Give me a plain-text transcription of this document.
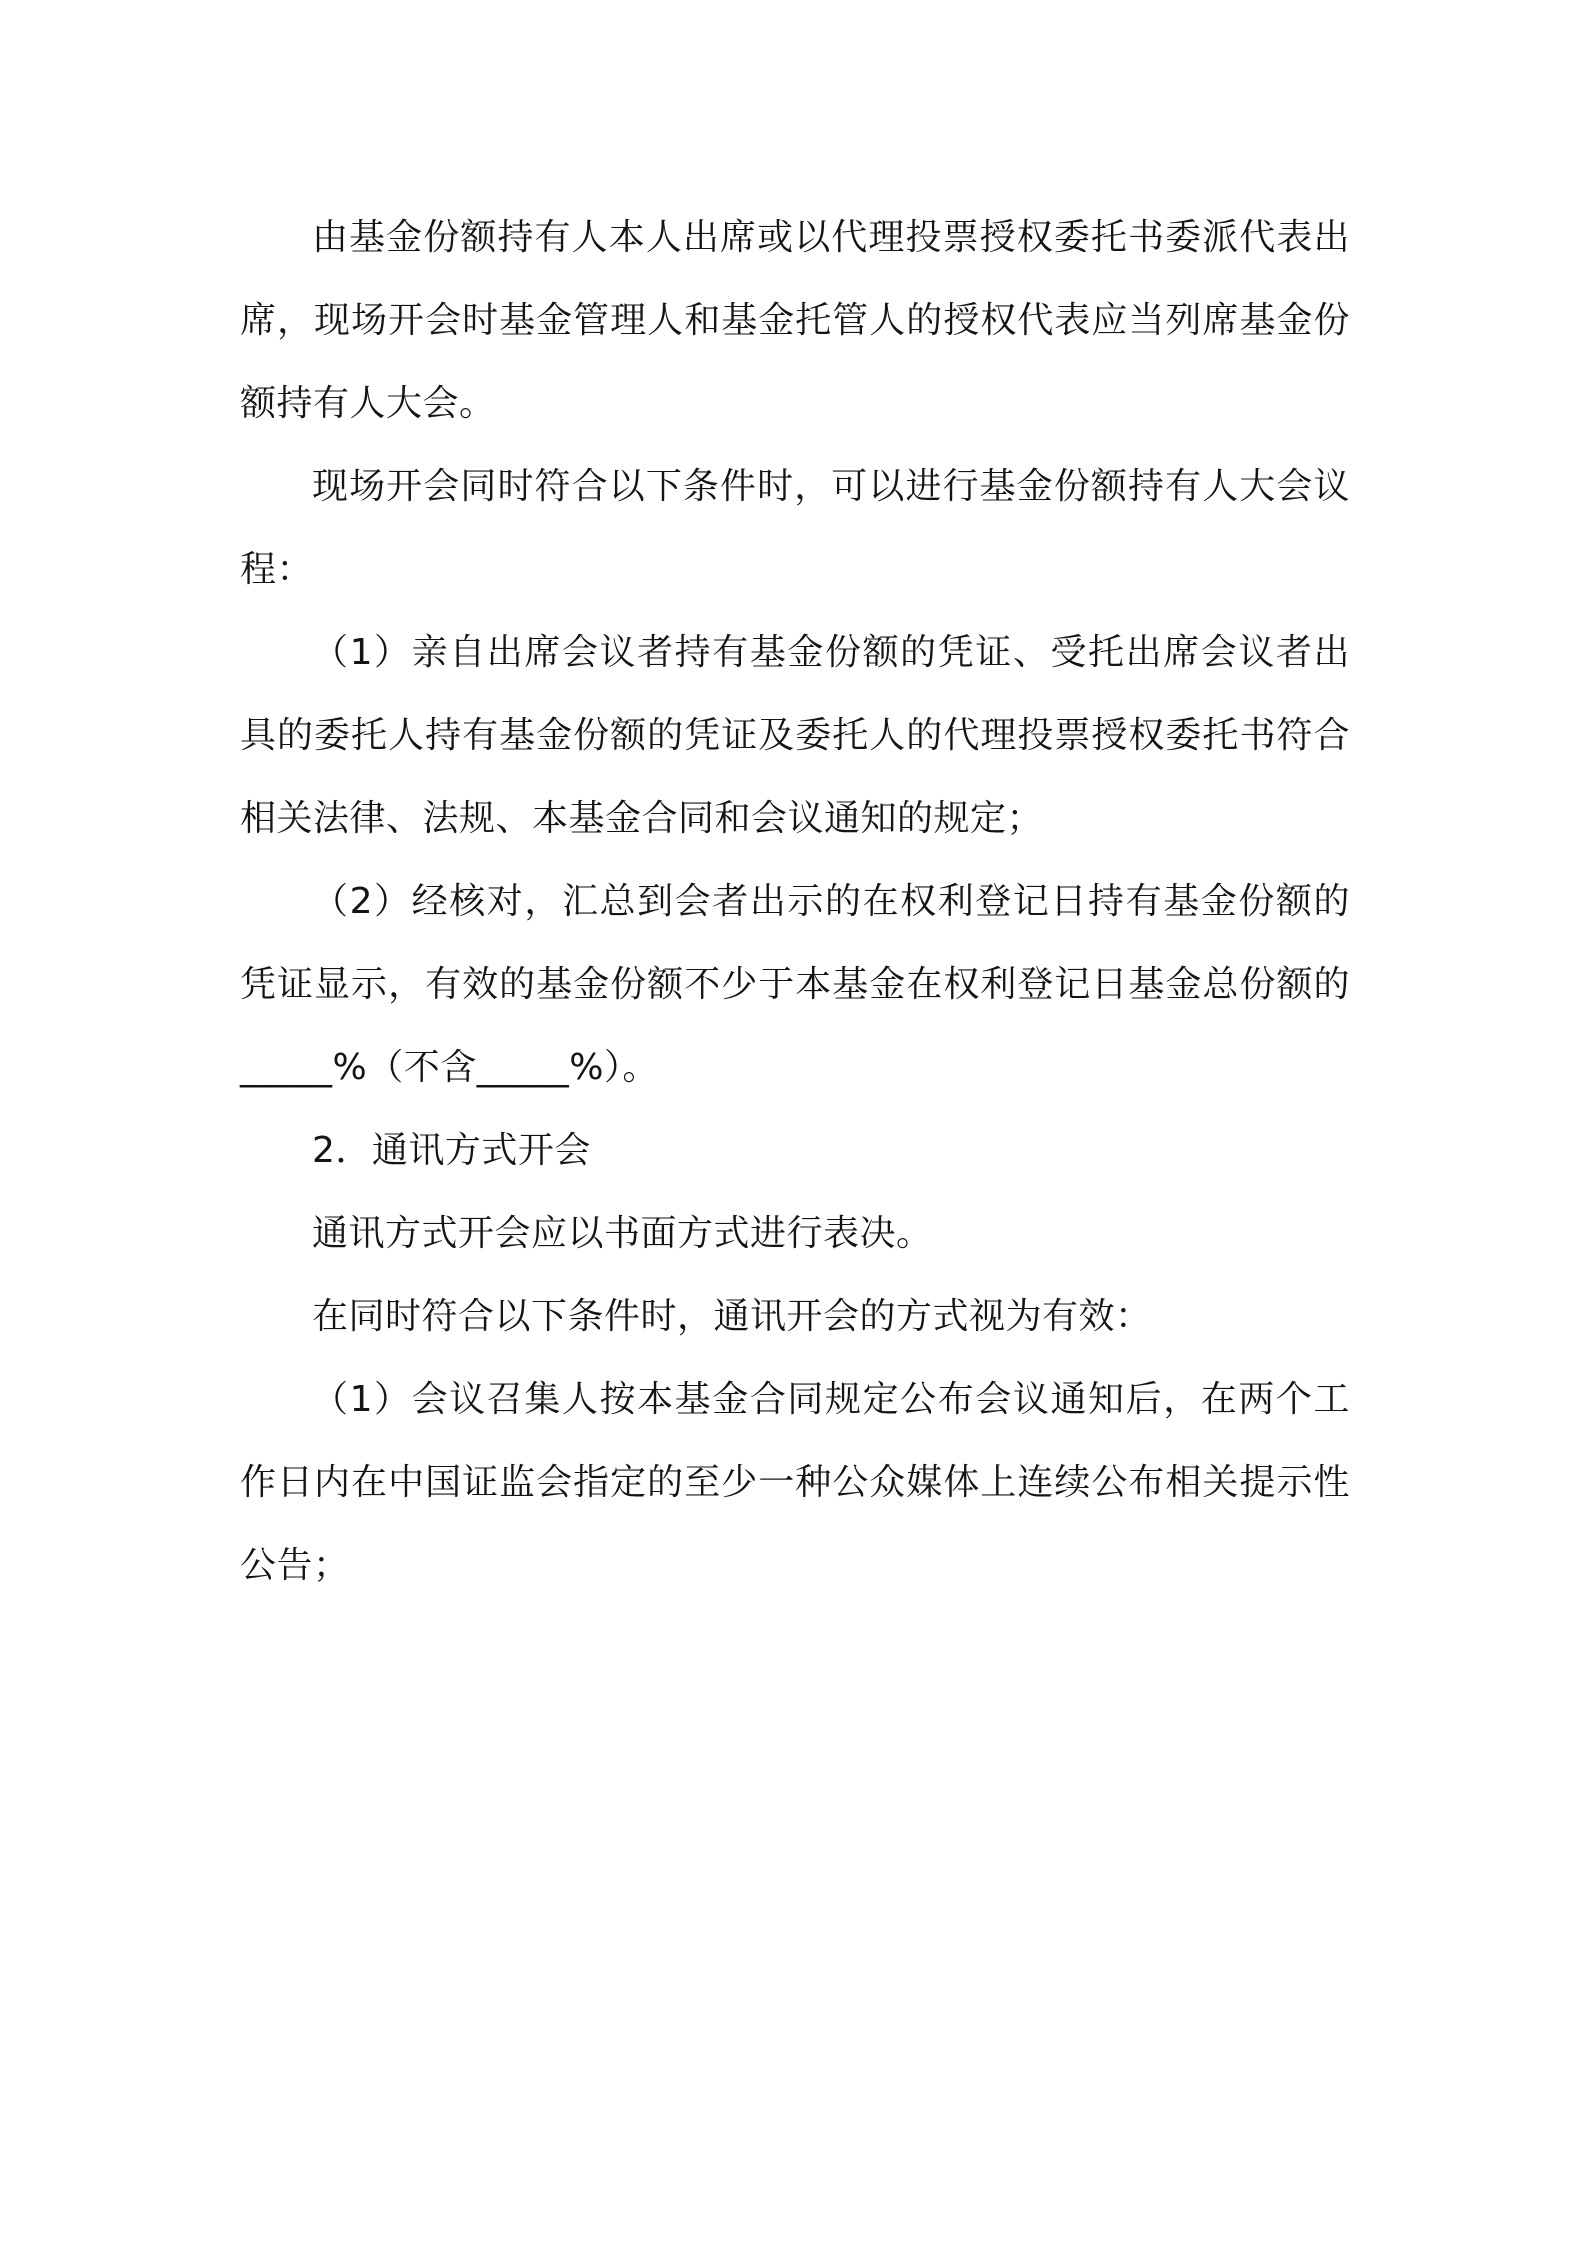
由基金份额持有人本人出席或以代理投票授权委托书委派代表出席，现场开会时基金管理人和基金托管人的授权代表应当列席基金份额持有人大会。

现场开会同时符合以下条件时，可以进行基金份额持有人大会议程：

（1）亲自出席会议者持有基金份额的凭证、受托出席会议者出具的委托人持有基金份额的凭证及委托人的代理投票授权委托书符合相关法律、法规、本基金合同和会议通知的规定；

（2）经核对，汇总到会者出示的在权利登记日持有基金份额的凭证显示，有效的基金份额不少于本基金在权利登记日基金总份额的_____%（不含_____%）。

2．通讯方式开会

通讯方式开会应以书面方式进行表决。

在同时符合以下条件时，通讯开会的方式视为有效：

（1）会议召集人按本基金合同规定公布会议通知后，在两个工作日内在中国证监会指定的至少一种公众媒体上连续公布相关提示性公告；
